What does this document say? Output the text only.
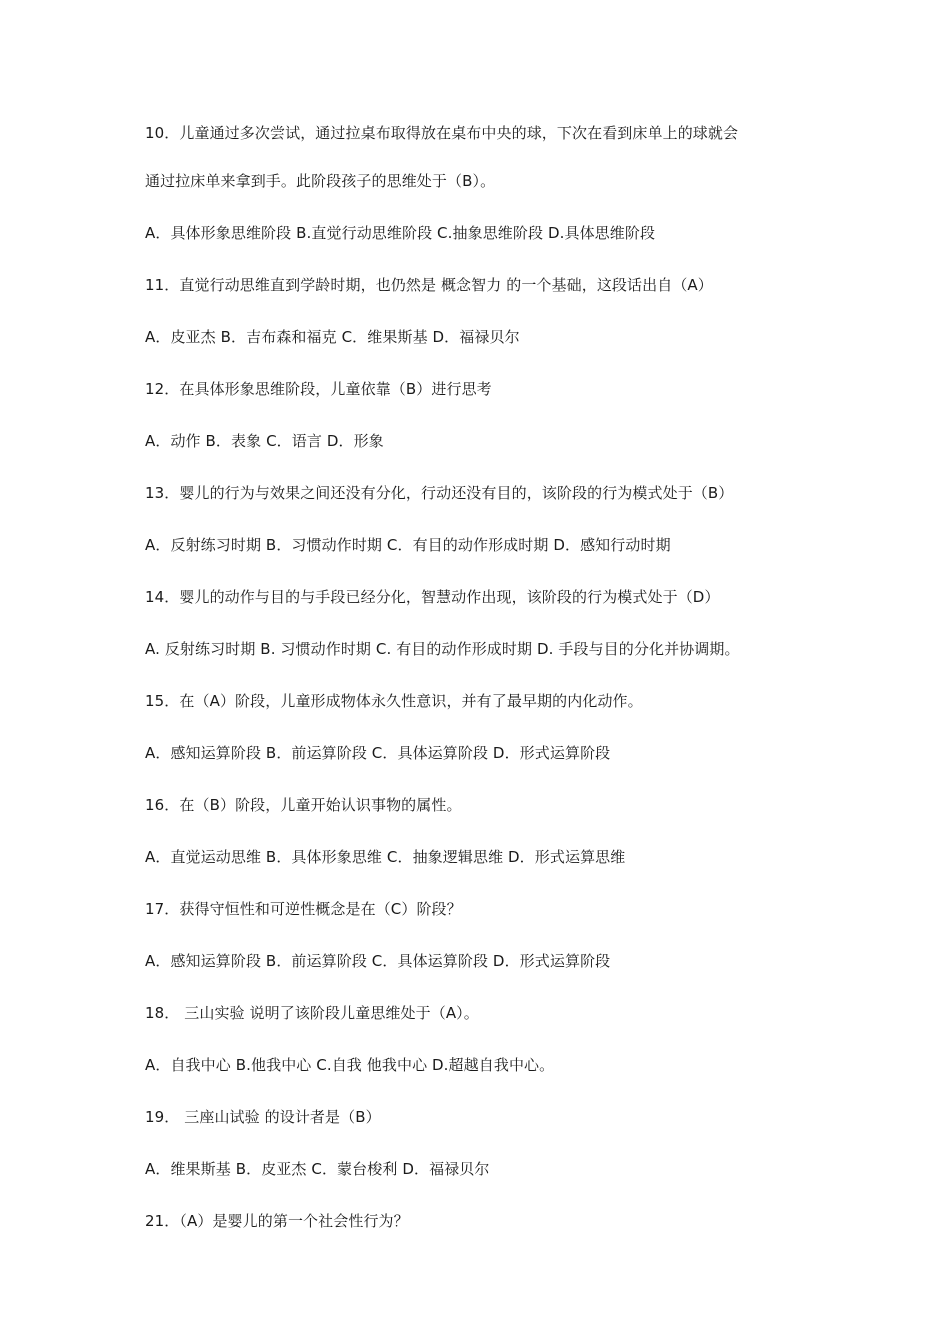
10．儿童通过多次尝试，通过拉桌布取得放在桌布中央的球，下次在看到床单上的球就会
通过拉床单来拿到手。此阶段孩子的思维处于（B）。
A．具体形象思维阶段 B.直觉行动思维阶段 C.抽象思维阶段 D.具体思维阶段
11．直觉行动思维直到学龄时期，也仍然是 概念智力 的一个基础，这段话出自（A）
A．皮亚杰 B．吉布森和福克 C．维果斯基 D．福禄贝尔
12．在具体形象思维阶段，儿童依靠（B）进行思考
A．动作 B．表象 C．语言 D．形象
13．婴儿的行为与效果之间还没有分化，行动还没有目的，该阶段的行为模式处于（B）
A．反射练习时期 B．习惯动作时期 C．有目的动作形成时期 D．感知行动时期
14．婴儿的动作与目的与手段已经分化，智慧动作出现，该阶段的行为模式处于（D）
A. 反射练习时期 B. 习惯动作时期 C. 有目的动作形成时期 D. 手段与目的分化并协调期。
15．在（A）阶段，儿童形成物体永久性意识，并有了最早期的内化动作。
A．感知运算阶段 B．前运算阶段 C．具体运算阶段 D．形式运算阶段
16．在（B）阶段，儿童开始认识事物的属性。
A．直觉运动思维 B．具体形象思维 C．抽象逻辑思维 D．形式运算思维
17．获得守恒性和可逆性概念是在（C）阶段？
A．感知运算阶段 B．前运算阶段 C．具体运算阶段 D．形式运算阶段
18． 三山实验 说明了该阶段儿童思维处于（A）。
A．自我中心 B.他我中心 C.自我 他我中心 D.超越自我中心。
19． 三座山试验 的设计者是（B）
A．维果斯基 B．皮亚杰 C．蒙台梭利 D．福禄贝尔
21．（A）是婴儿的第一个社会性行为？
